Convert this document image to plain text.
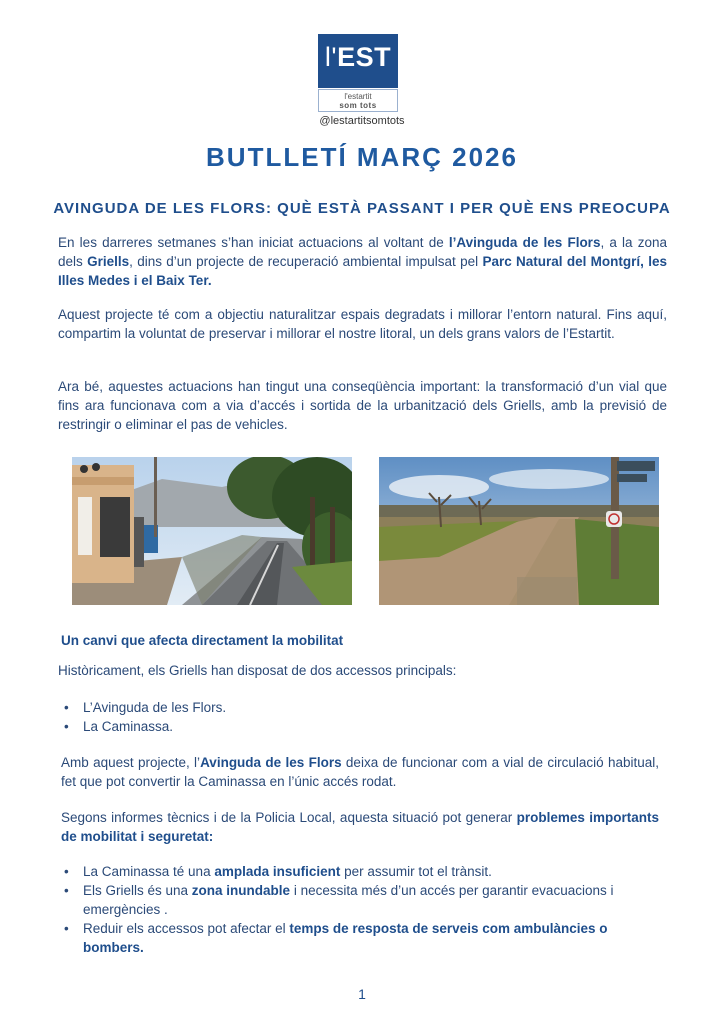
l'EST
l'estartit
som tots
@lestartitsomtots
BUTLLETÍ MARÇ 2026
AVINGUDA DE LES FLORS: QUÈ ESTÀ PASSANT I PER QUÈ ENS PREOCUPA
En les darreres setmanes s’han iniciat actuacions al voltant de l’Avinguda de les Flors, a la zona dels Griells, dins d’un projecte de recuperació ambiental impulsat pel Parc Natural del Montgrí, les Illes Medes i el Baix Ter.
Aquest projecte té com a objectiu naturalitzar espais degradats i millorar l’entorn natural. Fins aquí, compartim la voluntat de preservar i millorar el nostre litoral, un dels grans valors de l’Estartit.
Ara bé, aquestes actuacions han tingut una conseqüència important: la transformació d’un vial que fins ara funcionava com a via d’accés i sortida de la urbanització dels Griells, amb la previsió de restringir o eliminar el pas de vehicles.
Un canvi que afecta directament la mobilitat
Històricament, els Griells han disposat de dos accessos principals:
• L’Avinguda de les Flors.
• La Caminassa.
Amb aquest projecte, l’Avinguda de les Flors deixa de funcionar com a vial de circulació habitual, fet que pot convertir la Caminassa en l’únic accés rodat.
Segons informes tècnics i de la Policia Local, aquesta situació pot generar problemes importants de mobilitat i seguretat:
• La Caminassa té una amplada insuficient per assumir tot el trànsit.
• Els Griells és una zona inundable i necessita més d’un accés per garantir evacuacions i emergències .
• Reduir els accessos pot afectar el temps de resposta de serveis com ambulàncies o bombers.
1
